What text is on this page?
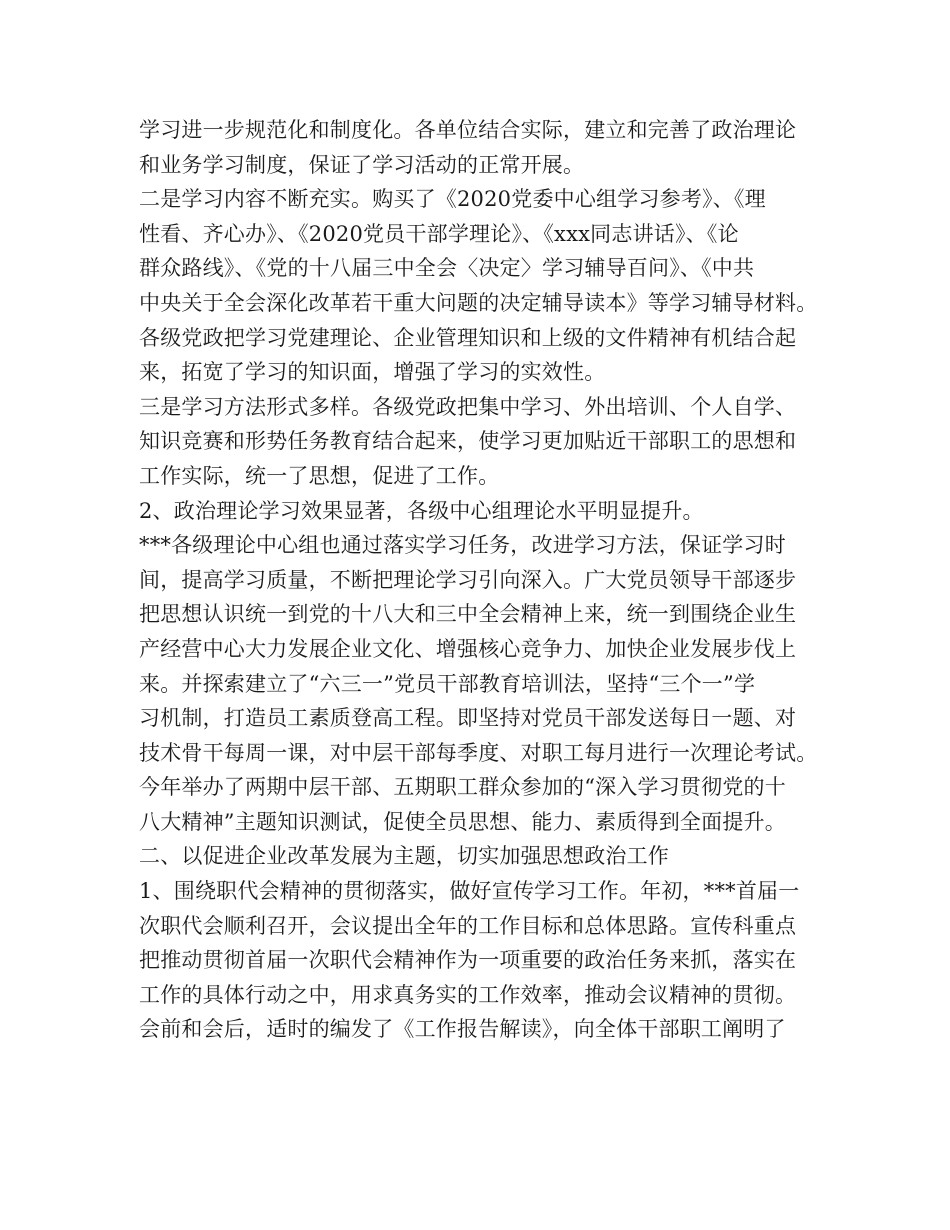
学习进一步规范化和制度化。各单位结合实际，建立和完善了政治理论
和业务学习制度，保证了学习活动的正常开展。
二是学习内容不断充实。购买了《2020党委中心组学习参考》、《理
性看、齐心办》、《2020党员干部学理论》、《xxx同志讲话》、《论
群众路线》、《党的十八届三中全会〈决定〉学习辅导百问》、《中共
中央关于全会深化改革若干重大问题的决定辅导读本》等学习辅导材料。
各级党政把学习党建理论、企业管理知识和上级的文件精神有机结合起
来，拓宽了学习的知识面，增强了学习的实效性。
三是学习方法形式多样。各级党政把集中学习、外出培训、个人自学、
知识竞赛和形势任务教育结合起来，使学习更加贴近干部职工的思想和
工作实际，统一了思想，促进了工作。
2、政治理论学习效果显著，各级中心组理论水平明显提升。
***各级理论中心组也通过落实学习任务，改进学习方法，保证学习时
间，提高学习质量，不断把理论学习引向深入。广大党员领导干部逐步
把思想认识统一到党的十八大和三中全会精神上来，统一到围绕企业生
产经营中心大力发展企业文化、增强核心竞争力、加快企业发展步伐上
来。并探索建立了“六三一”党员干部教育培训法，坚持“三个一”学
习机制，打造员工素质登高工程。即坚持对党员干部发送每日一题、对
技术骨干每周一课，对中层干部每季度、对职工每月进行一次理论考试。
今年举办了两期中层干部、五期职工群众参加的“深入学习贯彻党的十
八大精神”主题知识测试，促使全员思想、能力、素质得到全面提升。
二、以促进企业改革发展为主题，切实加强思想政治工作
1、围绕职代会精神的贯彻落实，做好宣传学习工作。年初，***首届一
次职代会顺利召开，会议提出全年的工作目标和总体思路。宣传科重点
把推动贯彻首届一次职代会精神作为一项重要的政治任务来抓，落实在
工作的具体行动之中，用求真务实的工作效率，推动会议精神的贯彻。
会前和会后，适时的编发了《工作报告解读》，向全体干部职工阐明了
